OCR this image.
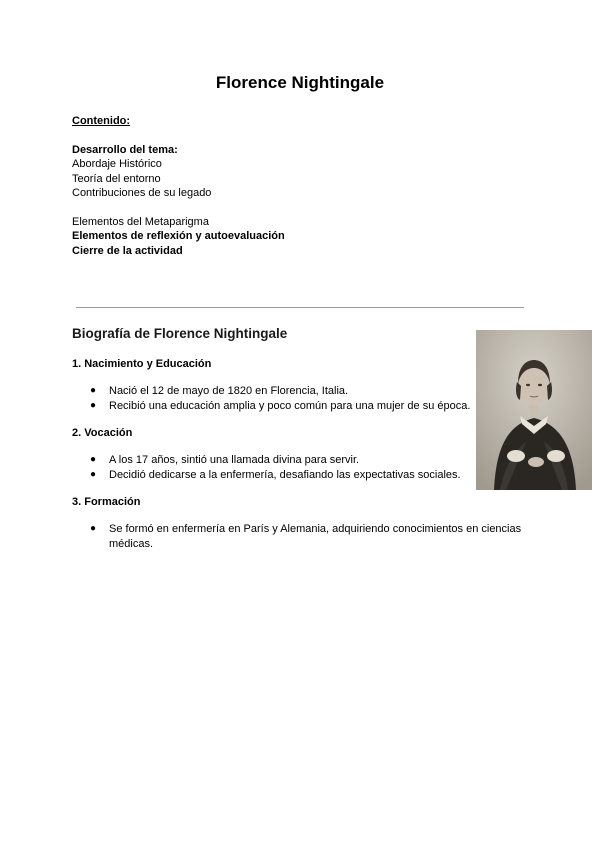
Florence Nightingale
Contenido:
Desarrollo del tema:
Abordaje Histórico
Teoría del entorno
Contribuciones de su legado
Elementos del Metaparigma
Elementos de reflexión y autoevaluación
Cierre de la actividad
Biografía de Florence Nightingale
1. Nacimiento y Educación
● Nació el 12 de mayo de 1820 en Florencia, Italia.
● Recibió una educación amplia y poco común para una mujer de su época.
2. Vocación
● A los 17 años, sintió una llamada divina para servir.
● Decidió dedicarse a la enfermería, desafiando las expectativas sociales.
3. Formación
● Se formó en enfermería en París y Alemania, adquiriendo conocimientos en ciencias médicas.
